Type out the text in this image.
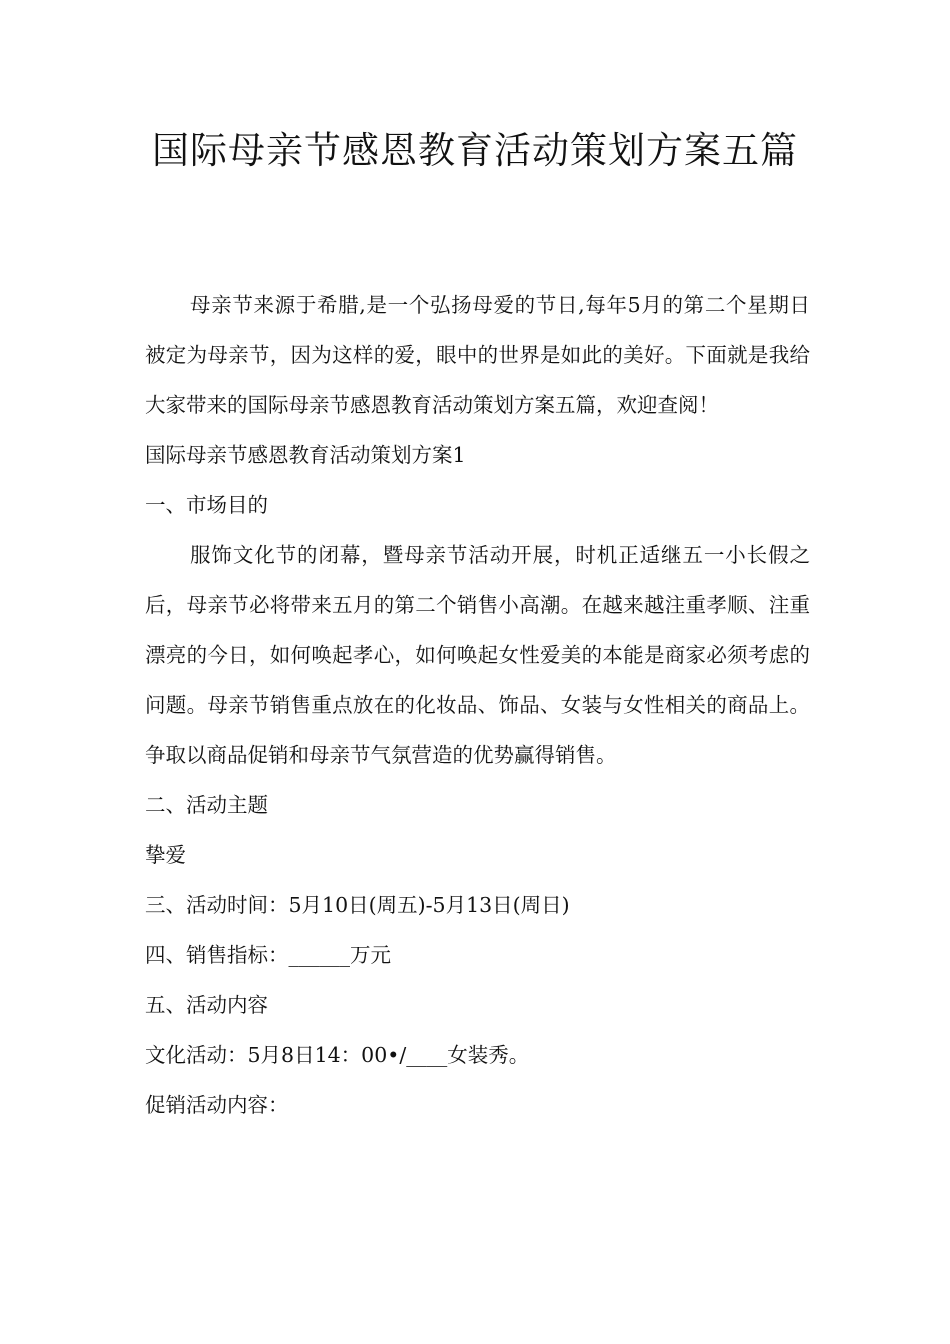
国际母亲节感恩教育活动策划方案五篇

母亲节来源于希腊,是一个弘扬母爱的节日,每年5月的第二个星期日被定为母亲节，因为这样的爱，眼中的世界是如此的美好。下面就是我给大家带来的国际母亲节感恩教育活动策划方案五篇，欢迎查阅！

国际母亲节感恩教育活动策划方案1

一、市场目的

服饰文化节的闭幕，暨母亲节活动开展，时机正适继五一小长假之后，母亲节必将带来五月的第二个销售小高潮。在越来越注重孝顺、注重漂亮的今日，如何唤起孝心，如何唤起女性爱美的本能是商家必须考虑的问题。母亲节销售重点放在的化妆品、饰品、女装与女性相关的商品上。争取以商品促销和母亲节气氛营造的优势赢得销售。

二、活动主题

挚爱

三、活动时间：5月10日(周五)-5月13日(周日)

四、销售指标：______万元

五、活动内容

文化活动：5月8日14：00•/____女装秀。

促销活动内容：
